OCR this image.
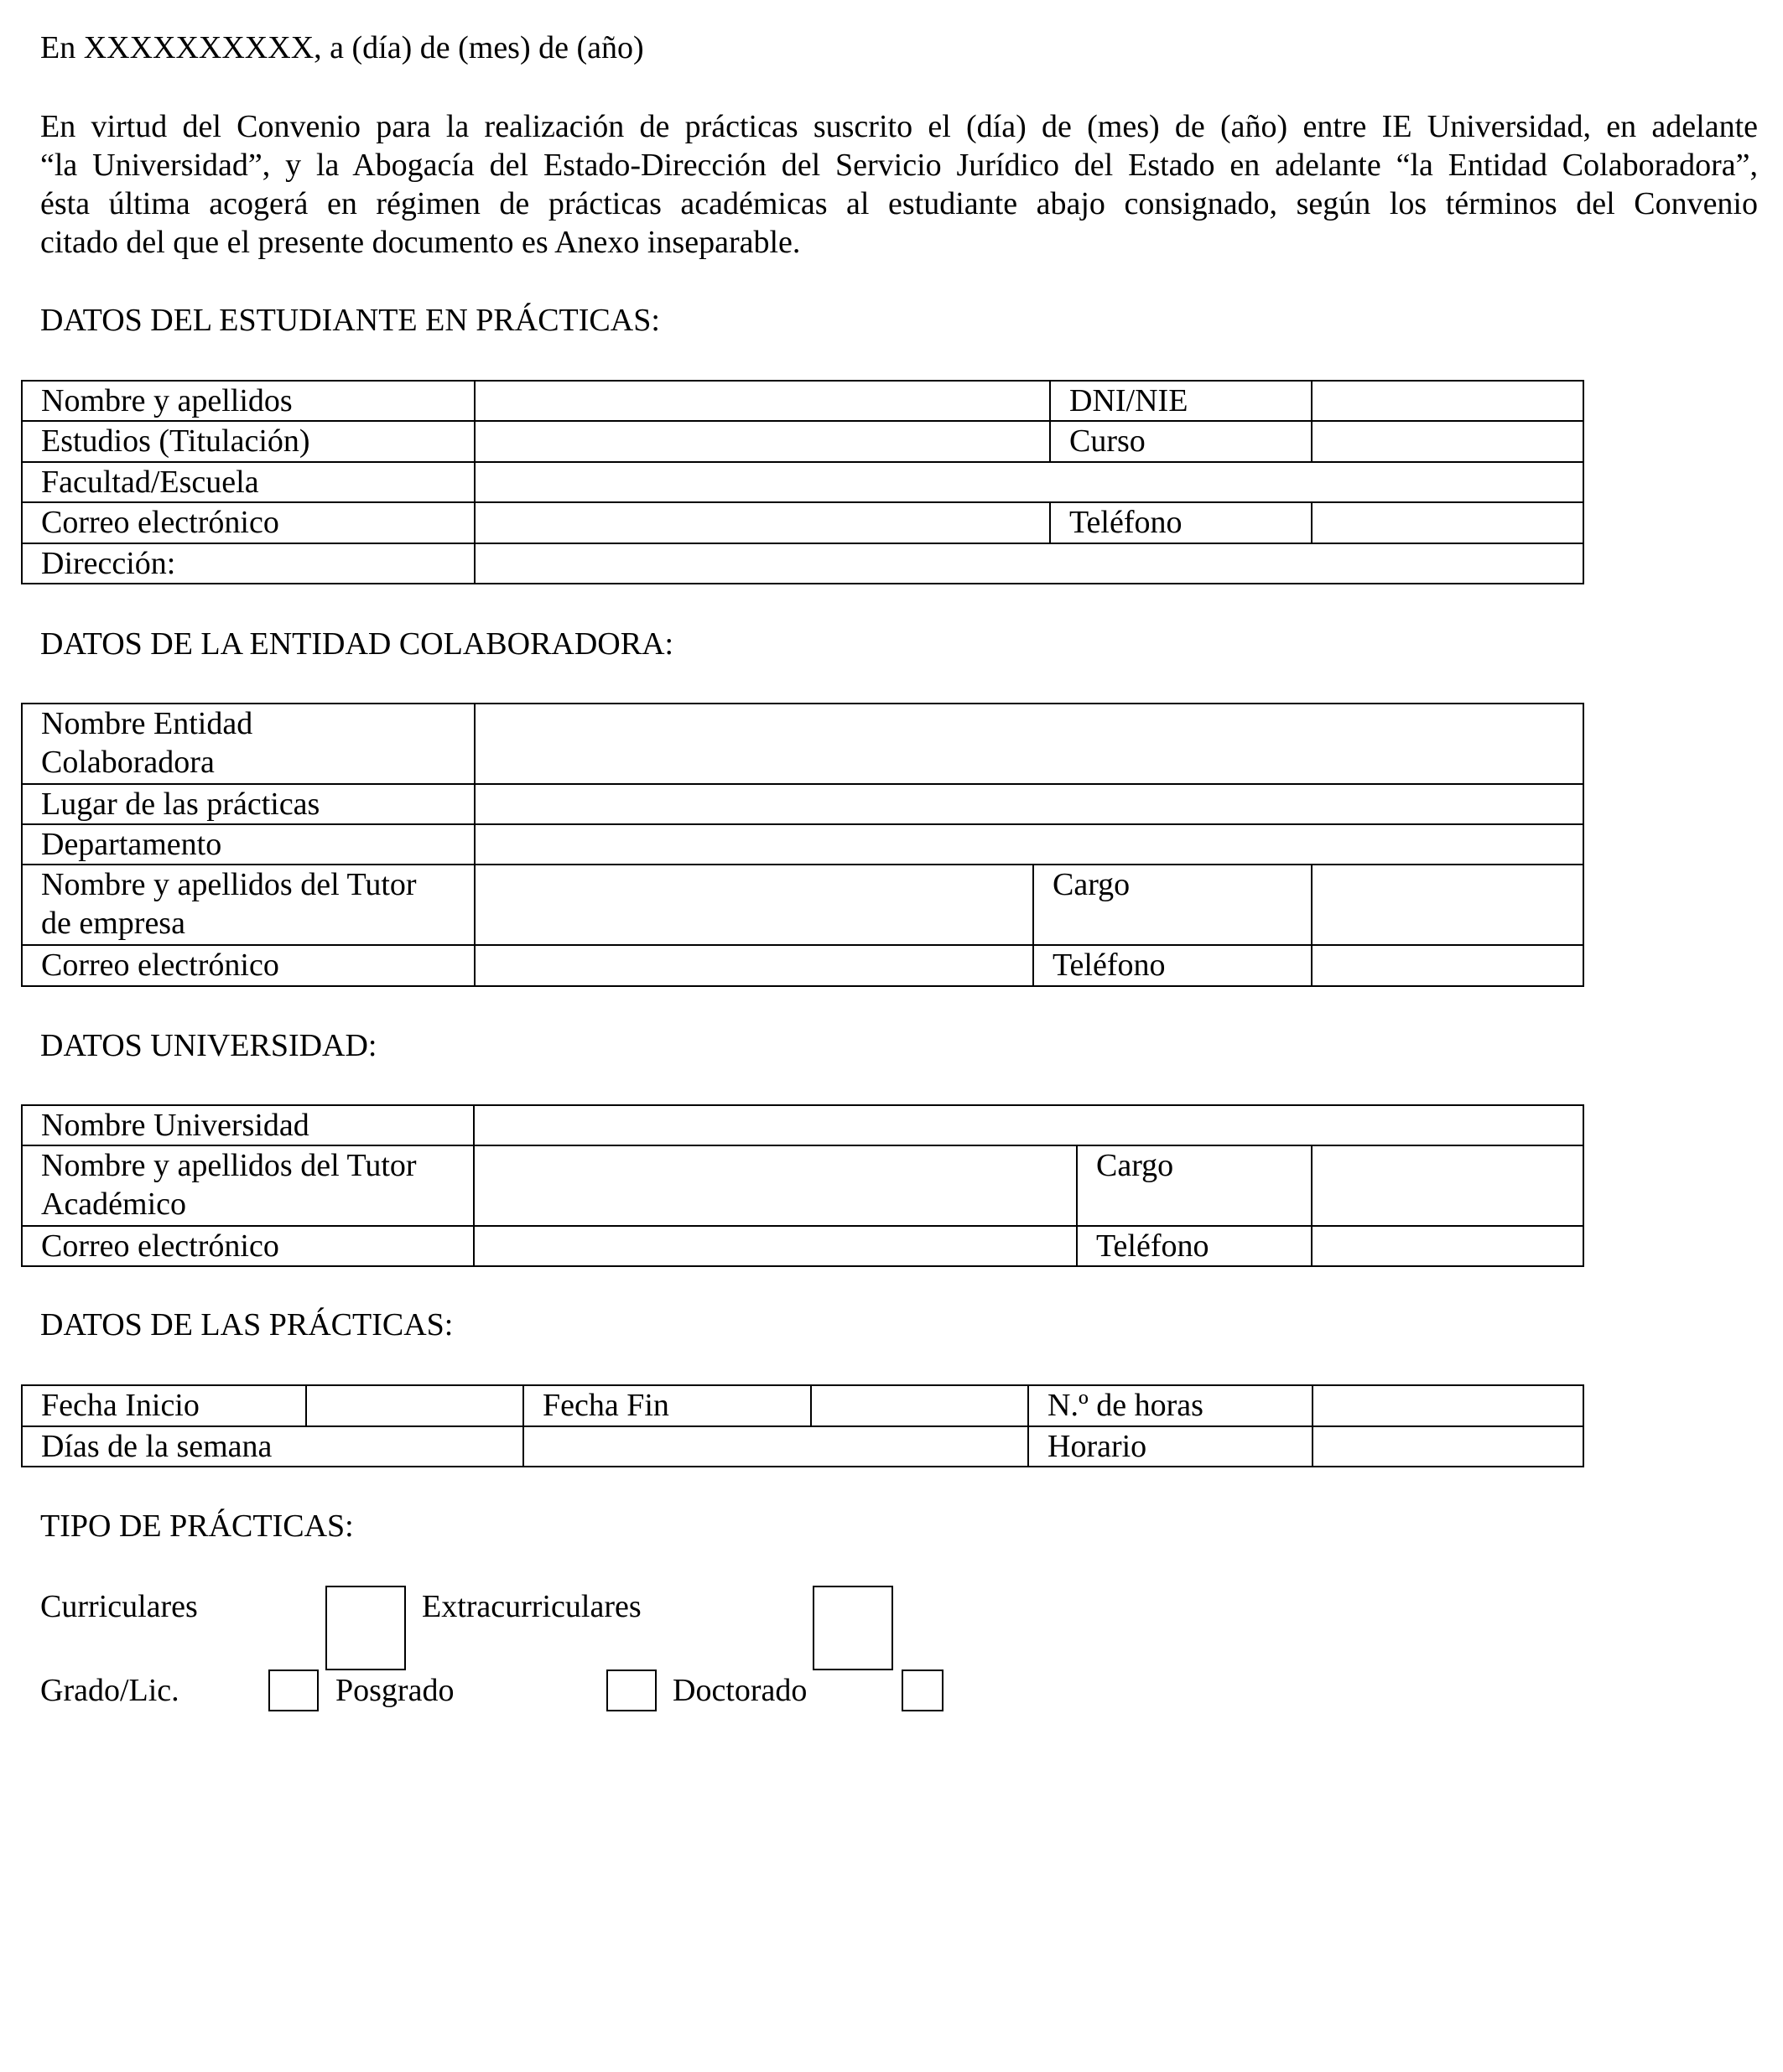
En XXXXXXXXXX, a (día) de (mes) de (año)
En virtud del Convenio para la realización de prácticas suscrito el (día) de (mes) de (año) entre IE Universidad, en adelante
“la Universidad”, y la Abogacía del Estado-Dirección del Servicio Jurídico del Estado en adelante “la Entidad Colaboradora”,
ésta última acogerá en régimen de prácticas académicas al estudiante abajo consignado, según los términos del Convenio
citado del que el presente documento es Anexo inseparable.
DATOS DEL ESTUDIANTE EN PRÁCTICAS:
Nombre y apellidos		DNI/NIE	
Estudios (Titulación)		Curso	
Facultad/Escuela			
Correo electrónico		Teléfono	
Dirección:			
DATOS DE LA ENTIDAD COLABORADORA:
Nombre Entidad
Colaboradora			
Lugar de las prácticas			
Departamento			
Nombre y apellidos del Tutor
de empresa		Cargo	
Correo electrónico		Teléfono	
DATOS UNIVERSIDAD:
Nombre Universidad			
Nombre y apellidos del Tutor
Académico		Cargo	
Correo electrónico		Teléfono	
DATOS DE LAS PRÁCTICAS:
Fecha Inicio		Fecha Fin		N.º de horas	
Días de la semana				Horario	
TIPO DE PRÁCTICAS:
Curriculares	Extracurriculares
Grado/Lic.	Posgrado	Doctorado
